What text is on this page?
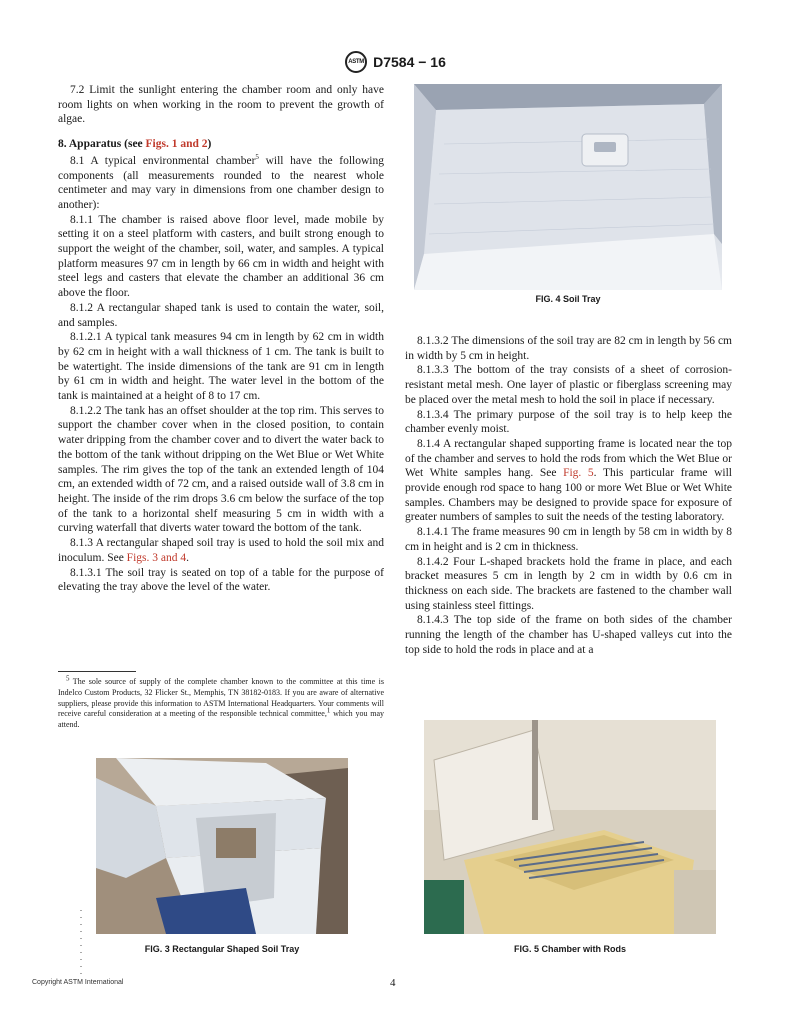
ASTM D7584 − 16

7.2 Limit the sunlight entering the chamber room and only have room lights on when working in the room to prevent the growth of algae.

8. Apparatus (see Figs. 1 and 2)

8.1 A typical environmental chamber$^5$ will have the following components (all measurements rounded to the nearest whole centimeter and may vary in dimensions from one chamber design to another):

8.1.1 The chamber is raised above floor level, made mobile by setting it on a steel platform with casters, and built strong enough to support the weight of the chamber, soil, water, and samples. A typical platform measures 97 cm in length by 66 cm in width and height with steel legs and casters that elevate the chamber an additional 36 cm above the floor.

8.1.2 A rectangular shaped tank is used to contain the water, soil, and samples.

8.1.2.1 A typical tank measures 94 cm in length by 62 cm in width by 62 cm in height with a wall thickness of 1 cm. The tank is built to be watertight. The inside dimensions of the tank are 91 cm in length by 61 cm in width and height. The water level in the bottom of the tank is maintained at a height of 8 to 17 cm.

8.1.2.2 The tank has an offset shoulder at the top rim. This serves to support the chamber cover when in the closed position, to contain water dripping from the chamber cover and to divert the water back to the bottom of the tank without dripping on the Wet Blue or Wet White samples. The rim gives the top of the tank an extended length of 104 cm, an extended width of 72 cm, and a raised outside wall of 3.8 cm in height. The inside of the rim drops 3.6 cm below the surface of the top of the tank to a horizontal shelf measuring 5 cm in width with a curving waterfall that diverts water toward the bottom of the tank.

8.1.3 A rectangular shaped soil tray is used to hold the soil mix and inoculum. See Figs. 3 and 4.

8.1.3.1 The soil tray is seated on top of a table for the purpose of elevating the tray above the level of the water.

5 The sole source of supply of the complete chamber known to the committee at this time is Indelco Custom Products, 32 Flicker St., Memphis, TN 38182-0183. If you are aware of alternative suppliers, please provide this information to ASTM International Headquarters. Your comments will receive careful consideration at a meeting of the responsible technical committee,1 which you may attend.
FIG. 4 Soil Tray

8.1.3.2 The dimensions of the soil tray are 82 cm in length by 56 cm in width by 5 cm in height.

8.1.3.3 The bottom of the tray consists of a sheet of corrosion-resistant metal mesh. One layer of plastic or fiberglass screening may be placed over the metal mesh to hold the soil in place if necessary.

8.1.3.4 The primary purpose of the soil tray is to help keep the chamber evenly moist.

8.1.4 A rectangular shaped supporting frame is located near the top of the chamber and serves to hold the rods from which the Wet Blue or Wet White samples hang. See Fig. 5. This particular frame will provide enough rod space to hang 100 or more Wet Blue or Wet White samples. Chambers may be designed to provide space for exposure of greater numbers of samples to suit the needs of the testing laboratory.

8.1.4.1 The frame measures 90 cm in length by 58 cm in width by 8 cm in height and is 2 cm in thickness.

8.1.4.2 Four L-shaped brackets hold the frame in place, and each bracket measures 5 cm in length by 2 cm in width by 0.6 cm in thickness on each side. The brackets are fastened to the chamber wall using stainless steel fittings.

8.1.4.3 The top side of the frame on both sides of the chamber running the length of the chamber has U-shaped valleys cut into the top side to hold the rods in place and at a

FIG. 3 Rectangular Shaped Soil Tray	FIG. 5 Chamber with Rods
Copyright ASTM International	4
